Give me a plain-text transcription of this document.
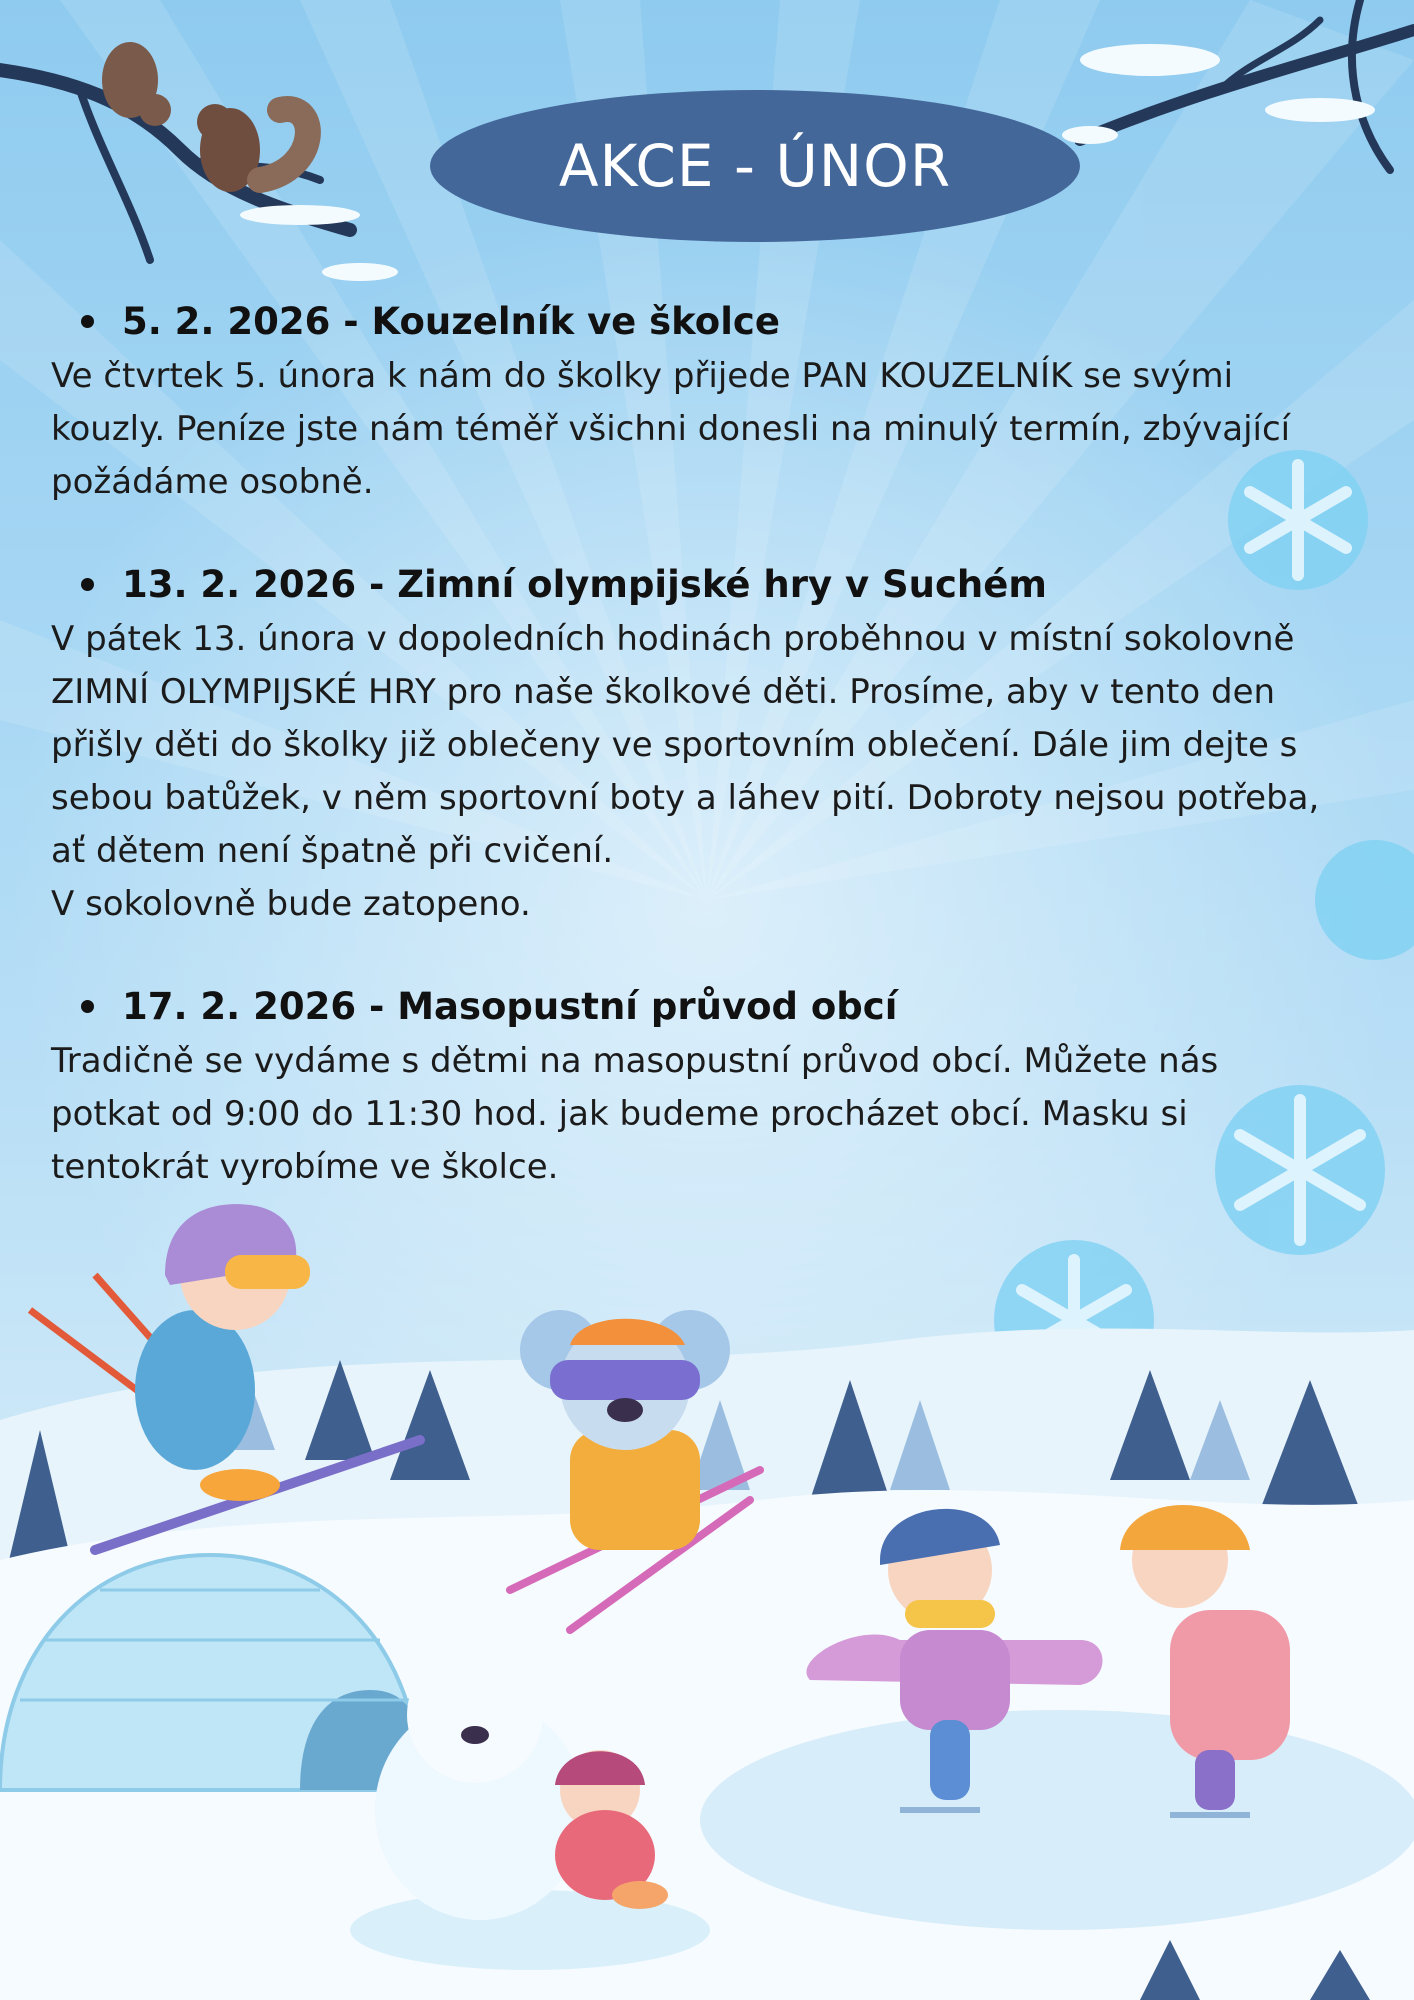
AKCE - ÚNOR
5. 2. 2026 - Kouzelník ve školce

Ve čtvrtek 5. února k nám do školky přijede PAN KOUZELNÍK se svými
kouzly. Peníze jste nám téměř všichni donesli na minulý termín, zbývající
požádáme osobně.

13. 2. 2026 - Zimní olympijské hry v Suchém

V pátek 13. února v dopoledních hodinách proběhnou v místní sokolovně
ZIMNÍ OLYMPIJSKÉ HRY pro naše školkové děti. Prosíme, aby v tento den
přišly děti do školky již oblečeny ve sportovním oblečení. Dále jim dejte s
sebou batůžek, v něm sportovní boty a láhev pití. Dobroty nejsou potřeba,
ať dětem není špatně při cvičení.
V sokolovně bude zatopeno.

17. 2. 2026 - Masopustní průvod obcí

Tradičně se vydáme s dětmi na masopustní průvod obcí. Můžete nás
potkat od 9:00 do 11:30 hod. jak budeme procházet obcí. Masku si
tentokrát vyrobíme ve školce.
